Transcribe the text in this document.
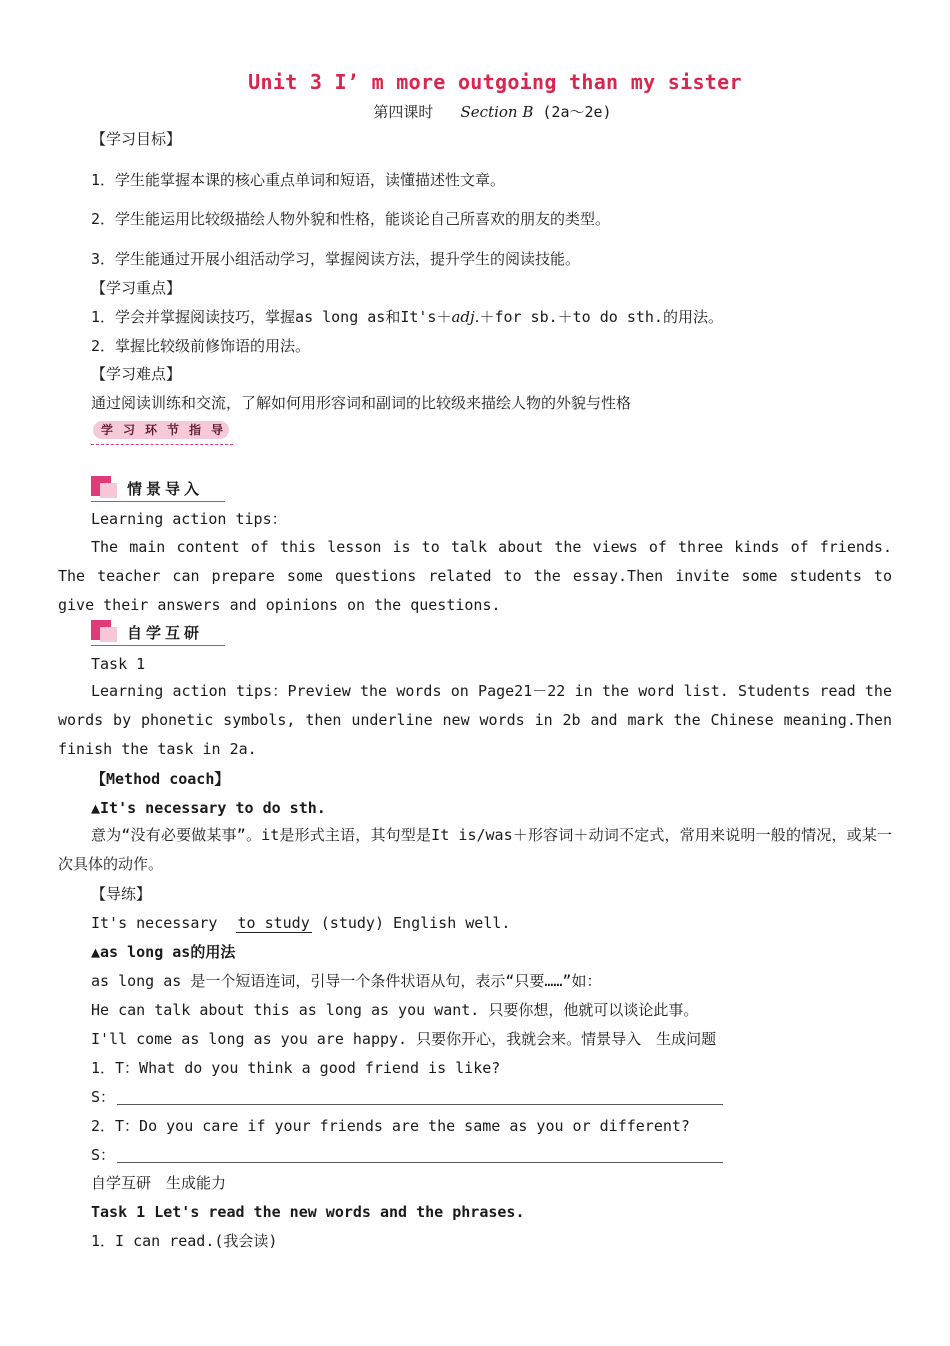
Unit 3 I’ m more outgoing than my sister
第四课时 Section B (2a～2e)
【学习目标】
1．学生能掌握本课的核心重点单词和短语，读懂描述性文章。
2．学生能运用比较级描绘人物外貌和性格，能谈论自己所喜欢的朋友的类型。
3．学生能通过开展小组活动学习，掌握阅读方法，提升学生的阅读技能。
【学习重点】
1．学会并掌握阅读技巧，掌握as long as和It's＋adj.＋for sb.＋to do sth.的用法。
2．掌握比较级前修饰语的用法。
【学习难点】
通过阅读训练和交流，了解如何用形容词和副词的比较级来描绘人物的外貌与性格
学习环节指导
情景导入
Learning action tips：
The main content of this lesson is to talk about the views of three kinds of friends. The teacher can prepare some questions related to the essay.Then invite some students to give their answers and opinions on the questions.
自学互研
Task 1
Learning action tips：Preview the words on Page21－22 in the word list. Students read the words by phonetic symbols, then underline new words in 2b and mark the Chinese meaning.Then finish the task in 2a.
【Method coach】
▲It's necessary to do sth.
意为“没有必要做某事”。it是形式主语，其句型是It is/was＋形容词＋动词不定式，常用来说明一般的情况，或某一次具体的动作。
【导练】
It's necessary to study (study) English well.
▲as long as的用法
as long as 是一个短语连词，引导一个条件状语从句，表示“只要……”如：
He can talk about this as long as you want. 只要你想，他就可以谈论此事。
I'll come as long as you are happy. 只要你开心，我就会来。情景导入　生成问题
1．T：What do you think a good friend is like?
S：
2．T：Do you care if your friends are the same as you or different?
S：
自学互研　生成能力
Task 1 Let's read the new words and the phrases.
1．I can read.(我会读)
